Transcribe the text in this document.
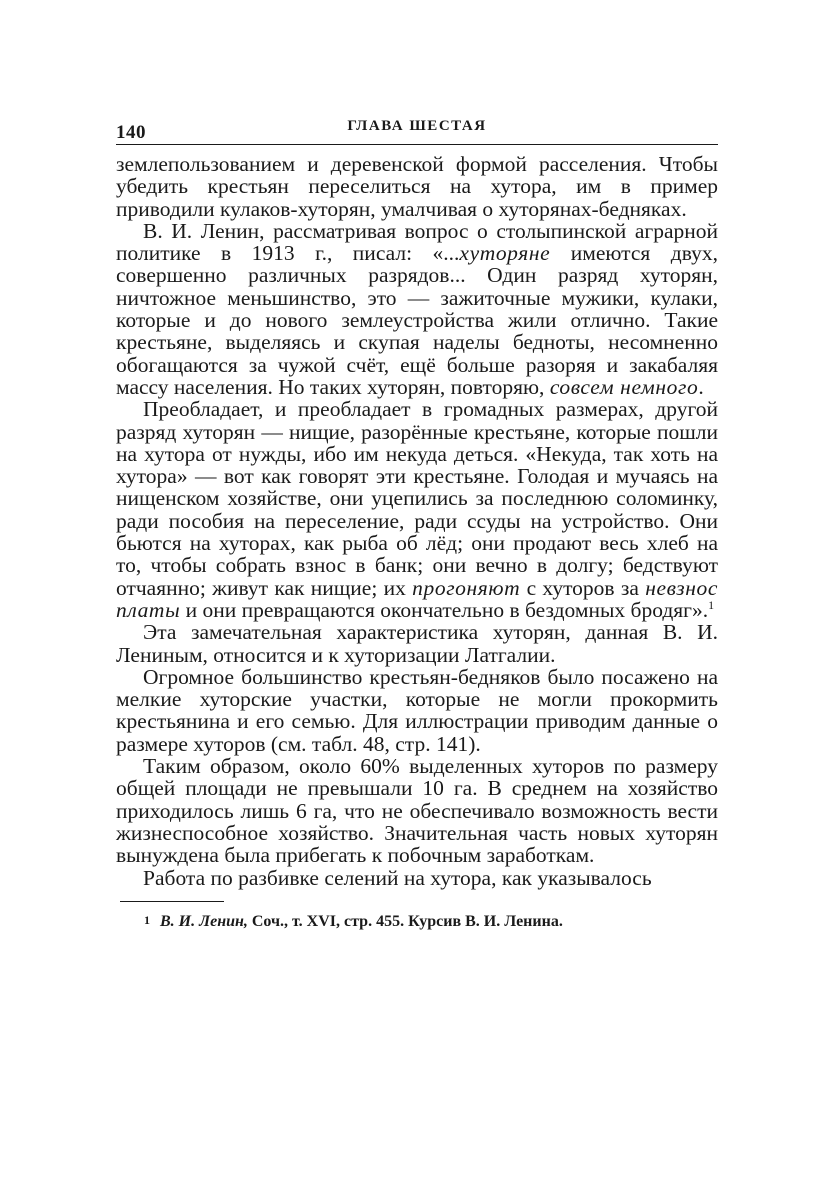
140	ГЛАВА ШЕСТАЯ

землепользованием и деревенской формой расселения. Чтобы убедить крестьян переселиться на хутора, им в пример приводили кулаков-хуторян, умалчивая о хуторянах-бедняках.

В. И. Ленин, рассматривая вопрос о столыпинской аграрной политике в 1913 г., писал: «...хуторяне имеются двух, совершенно различных разрядов... Один разряд хуторян, ничтожное меньшинство, это — зажиточные мужики, кулаки, которые и до нового землеустройства жили отлично. Такие крестьяне, выделяясь и скупая наделы бедноты, несомненно обогащаются за чужой счёт, ещё больше разоряя и закабаляя массу населения. Но таких хуторян, повторяю, совсем немного.

Преобладает, и преобладает в громадных размерах, другой разряд хуторян — нищие, разорённые крестьяне, которые пошли на хутора от нужды, ибо им некуда деться. «Некуда, так хоть на хутора» — вот как говорят эти крестьяне. Голодая и мучаясь на нищенском хозяйстве, они уцепились за последнюю соломинку, ради пособия на переселение, ради ссуды на устройство. Они бьются на хуторах, как рыба об лёд; они продают весь хлеб на то, чтобы собрать взнос в банк; они вечно в долгу; бедствуют отчаянно; живут как нищие; их прогоняют с хуторов за невзнос платы и они превращаются окончательно в бездомных бродяг».$^1$

Эта замечательная характеристика хуторян, данная В. И. Лениным, относится и к хуторизации Латгалии.

Огромное большинство крестьян-бедняков было посажено на мелкие хуторские участки, которые не могли прокормить крестьянина и его семью. Для иллюстрации приводим данные о размере хуторов (см. табл. 48, стр. 141).

Таким образом, около 60% выделенных хуторов по размеру общей площади не превышали 10 га. В среднем на хозяйство приходилось лишь 6 га, что не обеспечивало возможность вести жизнеспособное хозяйство. Значительная часть новых хуторян вынуждена была прибегать к побочным заработкам.

Работа по разбивке селений на хутора, как указывалось

1 В. И. Ленин, Соч., т. XVI, стр. 455. Курсив В. И. Ленина.
